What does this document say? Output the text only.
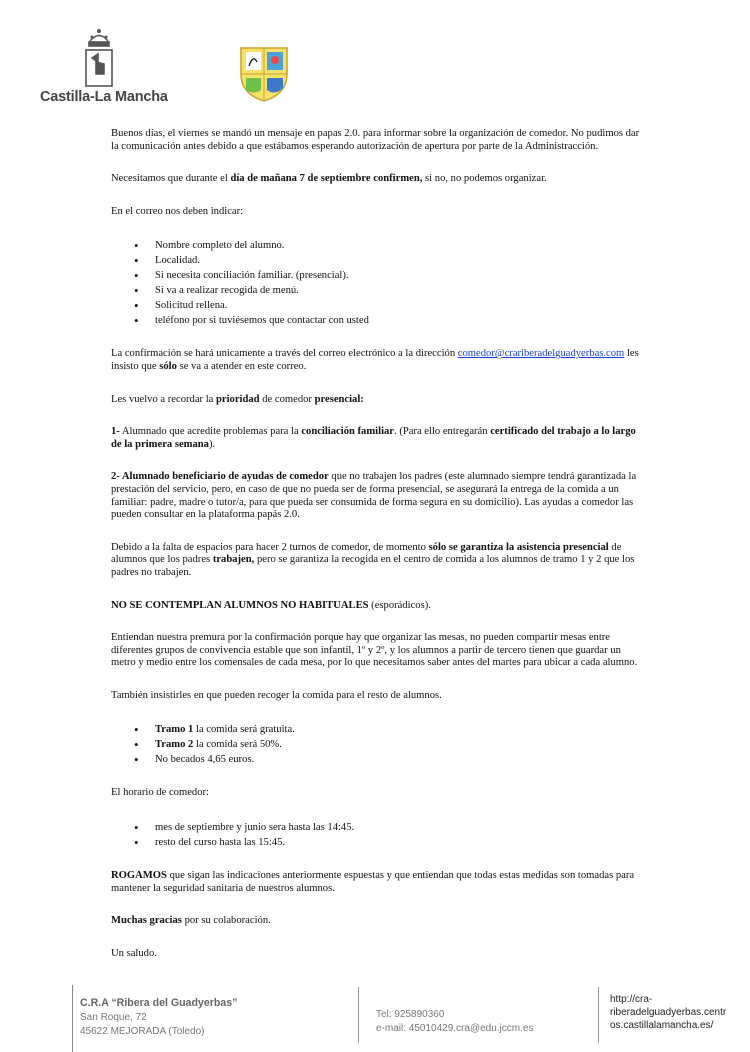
Castilla-La Mancha

Buenos días, el viernes se mandó un mensaje en papas 2.0. para informar sobre la organización de comedor. No pudimos dar la comunicación antes debido a que estábamos esperando autorización de apertura por parte de la Administracción.

Necesitamos que durante el día de mañana 7 de septiembre confirmen, si no, no podemos organizar.

En el correo nos deben indicar:

• Nombre completo del alumno.
• Localidad.
• Si necesita conciliación familiar. (presencial).
• Si va a realizar recogida de menú.
• Solicitud rellena.
• teléfono por si tuviésemos que contactar con usted

La confirmación se hará unicamente a través del correo electrónico a la dirección comedor@crariberadelguadyerbas.com les insisto que sólo se va a atender en este correo.

Les vuelvo a recordar la prioridad de comedor presencial:

1- Alumnado que acredite problemas para la conciliación familiar. (Para ello entregarán certificado del trabajo a lo largo de la primera semana).

2- Alumnado beneficiario de ayudas de comedor que no trabajen los padres (este alumnado siempre tendrá garantizada la prestación del servicio, pero, en caso de que no pueda ser de forma presencial, se asegurará la entrega de la comida a un familiar: padre, madre o tutor/a, para que pueda ser consumida de forma segura en su domicilio). Las ayudas a comedor las pueden consultar en la plataforma papás 2.0.

Debido a la falta de espacios para hacer 2 turnos de comedor, de momento sólo se garantiza la asistencia presencial de alumnos que los padres trabajen, pero se garantiza la recogida en el centro de comida a los alumnos de tramo 1 y 2 que los padres no trabajen.

NO SE CONTEMPLAN ALUMNOS NO HABITUALES (esporádicos).

Entiendan nuestra premura por la confirmación porque hay que organizar las mesas, no pueden compartir mesas entre diferentes grupos de convivencia estable que son infantil, 1º y 2º, y los alumnos a partir de tercero tienen que guardar un metro y medio entre los comensales de cada mesa, por lo que necesitamos saber antes del martes para ubicar a cada alumno.

También insistirles en que pueden recoger la comida para el resto de alumnos.

• Tramo 1 la comida será gratuita.
• Tramo 2 la comida será 50%.
• No becados 4,65 euros.

El horario de comedor:

• mes de septiembre y junio sera hasta las 14:45.
• resto del curso hasta las 15:45.

ROGAMOS que sigan las indicaciones anteriormente espuestas y que entiendan que todas estas medidas son tomadas para mantener la seguridad sanitaria de nuestros alumnos.

Muchas gracias por su colaboración.

Un saludo.

C.R.A “Ribera del Guadyerbas”
San Roque, 72
45622 MEJORADA (Toledo)
Tel: 925890360
e-mail: 45010429.cra@edu.jccm.es
http://cra-
riberadelguadyerbas.centr
os.castillalamancha.es/
